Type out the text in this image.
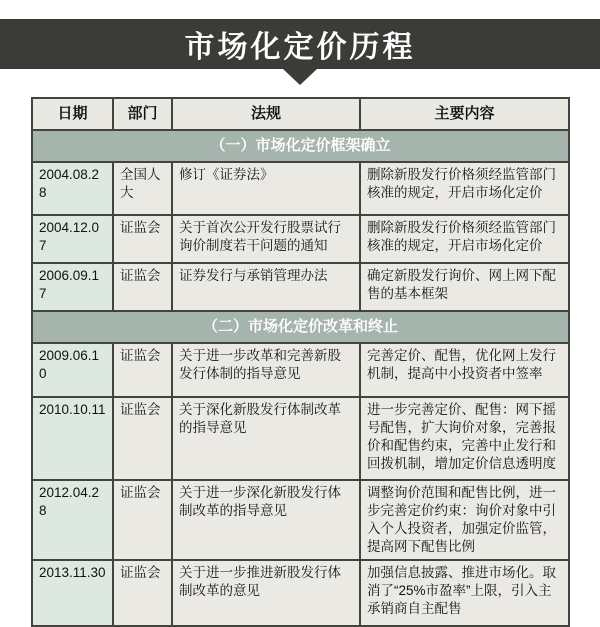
市场化定价历程
日期	部门	法规	主要内容
（一）市场化定价框架确立			
2004.08.28	全国人大	修订《证券法》	删除新股发行价格须经监管部门核准的规定，开启市场化定价
2004.12.07	证监会	关于首次公开发行股票试行询价制度若干问题的通知	删除新股发行价格须经监管部门核准的规定，开启市场化定价
2006.09.17	证监会	证券发行与承销管理办法	确定新股发行询价、网上网下配售的基本框架
（二）市场化定价改革和终止			
2009.06.10	证监会	关于进一步改革和完善新股发行体制的指导意见	完善定价、配售，优化网上发行机制，提高中小投资者中签率
2010.10.11	证监会	关于深化新股发行体制改革的指导意见	进一步完善定价、配售：网下摇号配售，扩大询价对象，完善报价和配售约束，完善中止发行和回拨机制，增加定价信息透明度
2012.04.28	证监会	关于进一步深化新股发行体制改革的指导意见	调整询价范围和配售比例，进一步完善定价约束：询价对象中引入个人投资者，加强定价监管，提高网下配售比例
2013.11.30	证监会	关于进一步推进新股发行体制改革的意见	加强信息披露、推进市场化。取消了“25%市盈率”上限，引入主承销商自主配售
